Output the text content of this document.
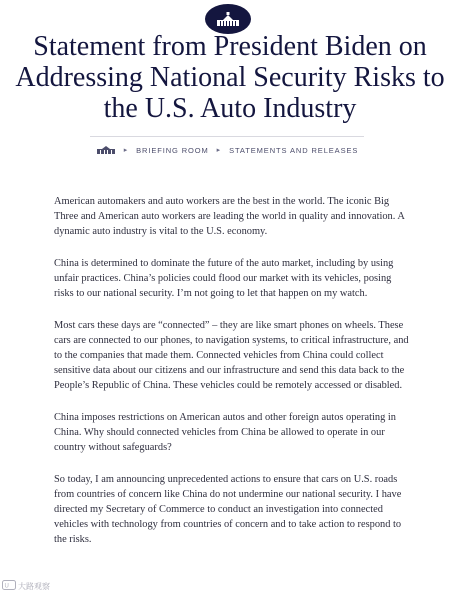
Statement from President Biden on Addressing National Security Risks to the U.S. Auto Industry
▸ BRIEFING ROOM ▸ STATEMENTS AND RELEASES

American automakers and auto workers are the best in the world. The iconic Big Three and American auto workers are leading the world in quality and innovation. A dynamic auto industry is vital to the U.S. economy.

China is determined to dominate the future of the auto market, including by using unfair practices. China’s policies could flood our market with its vehicles, posing risks to our national security. I’m not going to let that happen on my watch.

Most cars these days are “connected” – they are like smart phones on wheels. These cars are connected to our phones, to navigation systems, to critical infrastructure, and to the companies that made them. Connected vehicles from China could collect sensitive data about our citizens and our infrastructure and send this data back to the People’s Republic of China. These vehicles could be remotely accessed or disabled.

China imposes restrictions on American autos and other foreign autos operating in China. Why should connected vehicles from China be allowed to operate in our country without safeguards?

So today, I am announcing unprecedented actions to ensure that cars on U.S. roads from countries of concern like China do not undermine our national security. I have directed my Secretary of Commerce to conduct an investigation into connected vehicles with technology from countries of concern and to take action to respond to the risks.

U 大路观察
